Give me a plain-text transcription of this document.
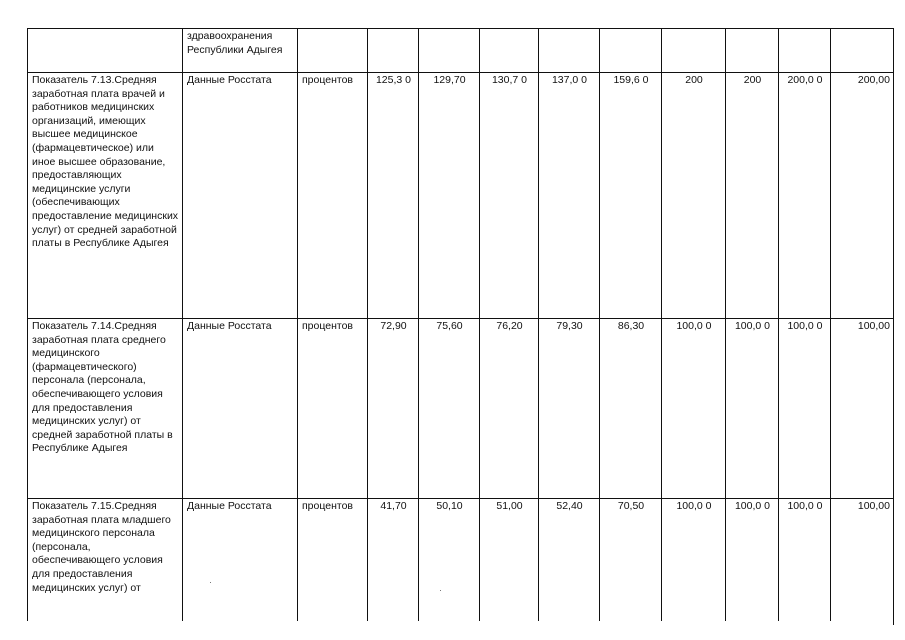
	здравоохранения Республики Адыгея										
Показатель 7.13.Средняя заработная плата врачей и работников медицинских организаций, имеющих высшее медицинское (фармацевтическое) или иное высшее образование, предоставляющих медицинские услуги (обеспечивающих предоставление медицинских услуг) от средней заработной платы в Республике Адыгея	Данные Росстата	процентов	125,3 0	129,70	130,7 0	137,0 0	159,6 0	200	200	200,0 0	200,00
Показатель 7.14.Средняя заработная плата среднего медицинского (фармацевтического) персонала (персонала, обеспечивающего условия для предоставления медицинских услуг) от средней заработной платы в Республике Адыгея	Данные Росстата	процентов	72,90	75,60	76,20	79,30	86,30	100,0 0	100,0 0	100,0 0	100,00
Показатель 7.15.Средняя заработная плата младшего медицинского персонала (персонала, обеспечивающего условия для предоставления медицинских услуг) от	Данные Росстата	процентов	41,70	50,10	51,00	52,40	70,50	100,0 0	100,0 0	100,0 0	100,00
